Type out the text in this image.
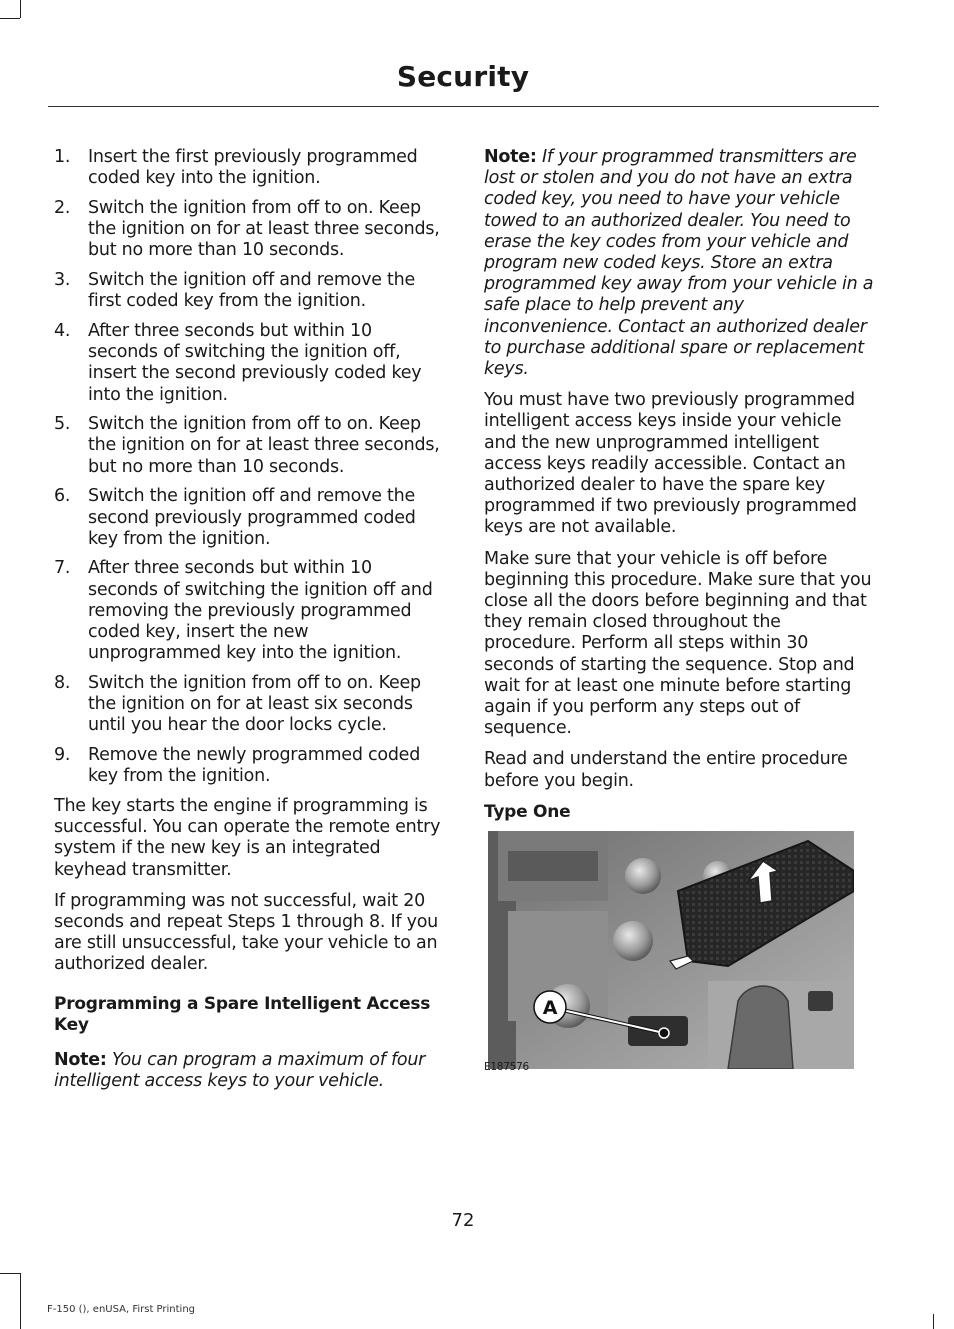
Security
1. Insert the first previously programmed coded key into the ignition.
2. Switch the ignition from off to on. Keep the ignition on for at least three seconds, but no more than 10 seconds.
3. Switch the ignition off and remove the first coded key from the ignition.
4. After three seconds but within 10 seconds of switching the ignition off, insert the second previously coded key into the ignition.
5. Switch the ignition from off to on. Keep the ignition on for at least three seconds, but no more than 10 seconds.
6. Switch the ignition off and remove the second previously programmed coded key from the ignition.
7. After three seconds but within 10 seconds of switching the ignition off and removing the previously programmed coded key, insert the new unprogrammed key into the ignition.
8. Switch the ignition from off to on. Keep the ignition on for at least six seconds until you hear the door locks cycle.
9. Remove the newly programmed coded key from the ignition.

The key starts the engine if programming is successful. You can operate the remote entry system if the new key is an integrated keyhead transmitter.

If programming was not successful, wait 20 seconds and repeat Steps 1 through 8. If you are still unsuccessful, take your vehicle to an authorized dealer.

Programming a Spare Intelligent Access Key

Note: You can program a maximum of four intelligent access keys to your vehicle.

Note: If your programmed transmitters are lost or stolen and you do not have an extra coded key, you need to have your vehicle towed to an authorized dealer. You need to erase the key codes from your vehicle and program new coded keys. Store an extra programmed key away from your vehicle in a safe place to help prevent any inconvenience. Contact an authorized dealer to purchase additional spare or replacement keys.

You must have two previously programmed intelligent access keys inside your vehicle and the new unprogrammed intelligent access keys readily accessible. Contact an authorized dealer to have the spare key programmed if two previously programmed keys are not available.

Make sure that your vehicle is off before beginning this procedure. Make sure that you close all the doors before beginning and that they remain closed throughout the procedure. Perform all steps within 30 seconds of starting the sequence. Stop and wait for at least one minute before starting again if you perform any steps out of sequence.

Read and understand the entire procedure before you begin.

Type One
A
E187576
72
F-150 (), enUSA, First Printing
